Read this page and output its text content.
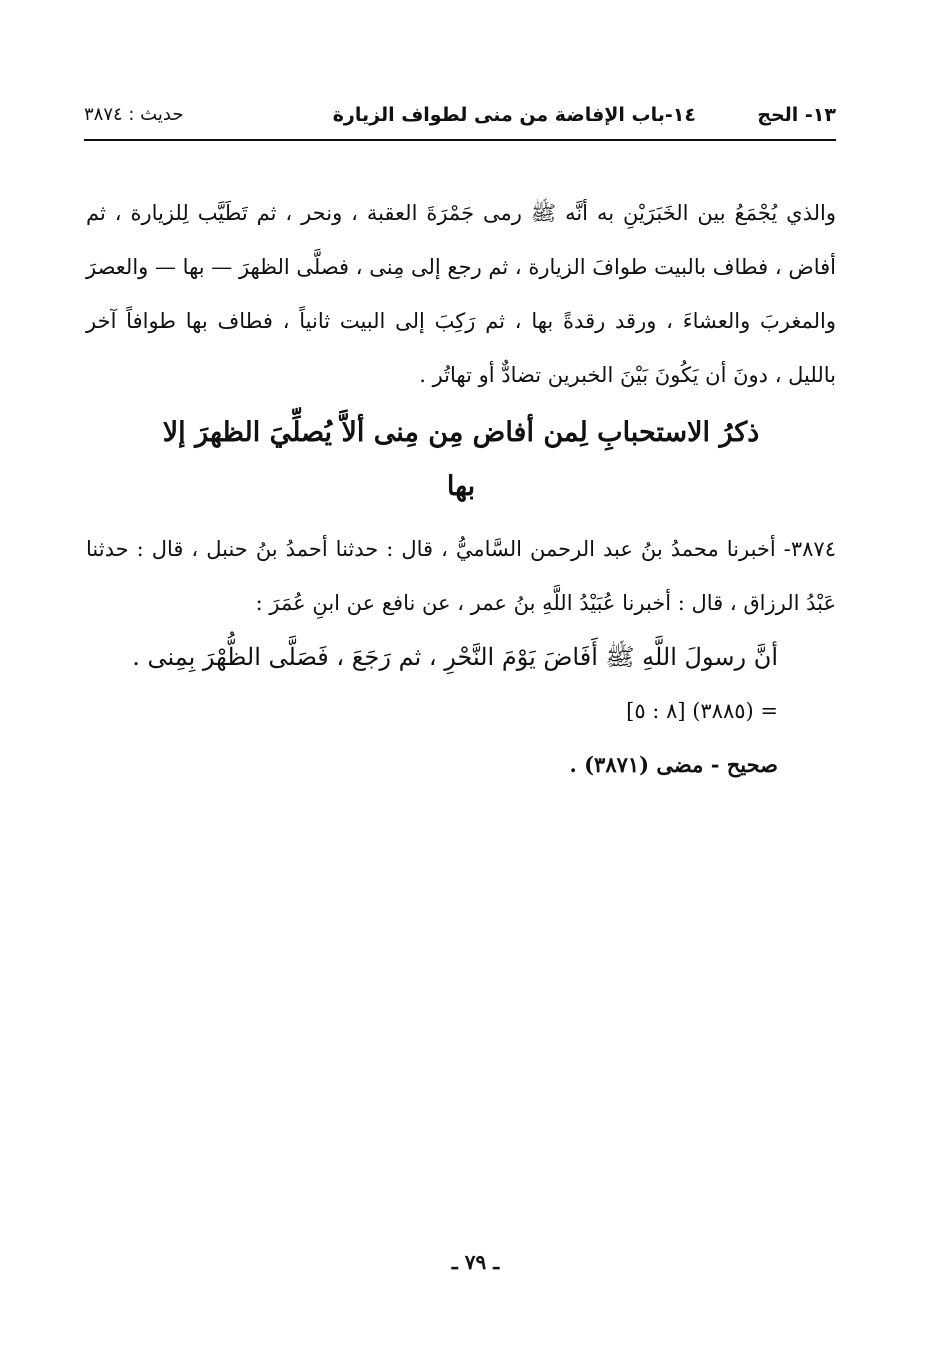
١٣- الحج
١٤-باب الإفاضة من منى لطواف الزيارة
حديث : ٣٨٧٤

والذي يُجْمَعُ بين الخَبَرَيْنِ به أنَّه ﷺ رمى جَمْرَةَ العقبة ، ونحر ، ثم تَطَيَّب لِلزيارة ، ثم أفاض ، فطاف بالبيت طوافَ الزيارة ، ثم رجع إلى مِنى ، فصلَّى الظهرَ — بها — والعصرَ والمغربَ والعشاءَ ، ورقد رقدةً بها ، ثم رَكِبَ إلى البيت ثانياً ، فطاف بها طوافاً آخر بالليل ، دونَ أن يَكُونَ بَيْنَ الخبرين تضادٌّ أو تهاتُر .

ذكرُ الاستحبابِ لِمن أفاض مِن مِنى ألاَّ يُصلِّيَ الظهرَ إلا بها

٣٨٧٤- أخبرنا محمدُ بنُ عبد الرحمن السَّاميُّ ، قال : حدثنا أحمدُ بنُ حنبل ، قال : حدثنا عَبْدُ الرزاق ، قال : أخبرنا عُبَيْدُ اللَّهِ بنُ عمر ، عن نافع عن ابنِ عُمَرَ :

أنَّ رسولَ اللَّهِ ﷺ أَفَاضَ يَوْمَ النَّحْرِ ، ثم رَجَعَ ، فَصَلَّى الظُّهْرَ بِمِنى .

= (٣٨٨٥) [٨ : ٥]

صحيح - مضى (٣٨٧١) .

ـ ٧٩ ـ
